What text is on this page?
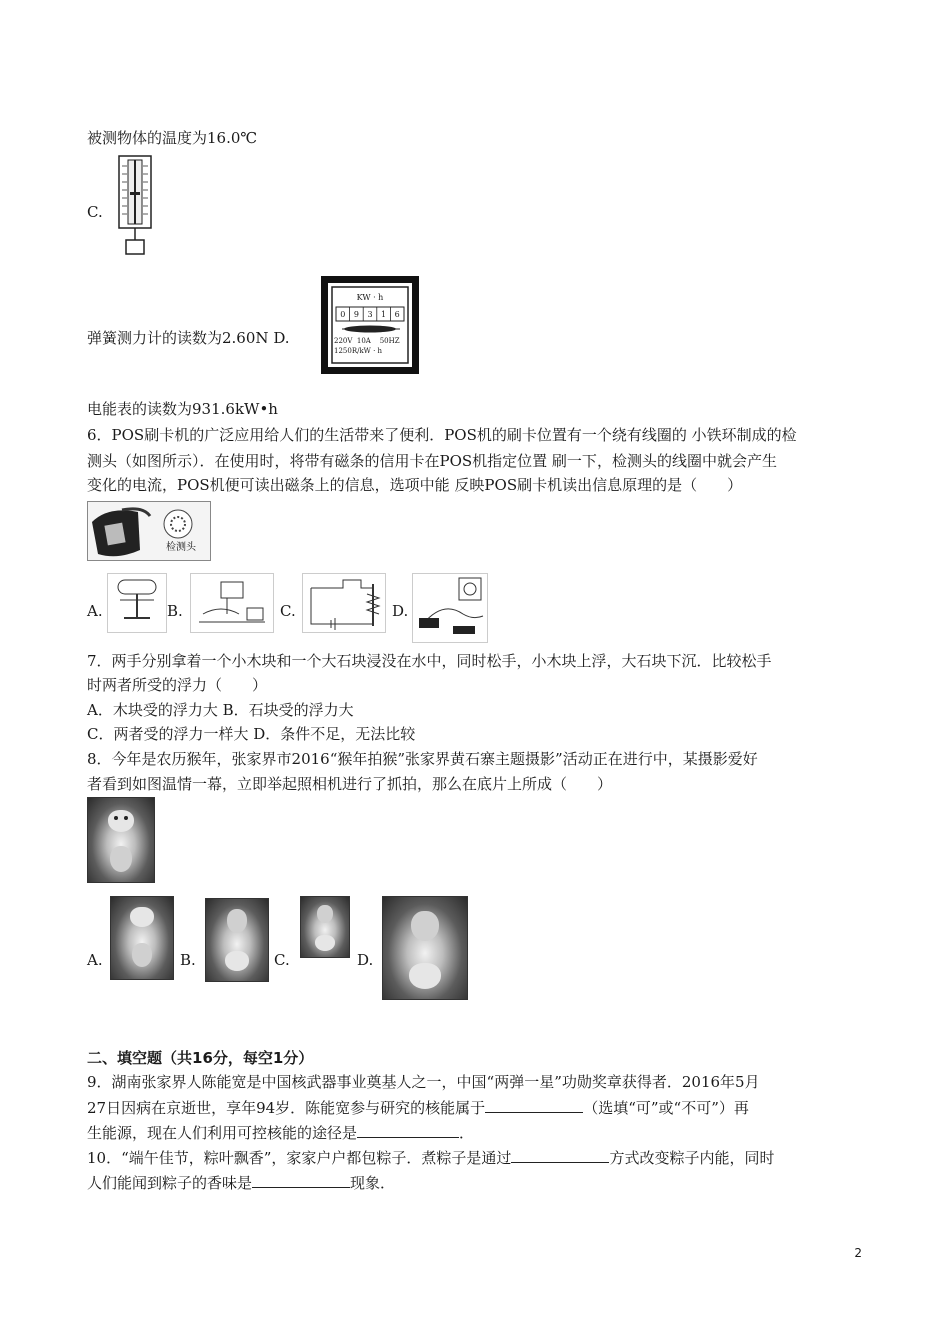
被测物体的温度为16.0℃
C.
KW · h
0	9	3	1	6
220V  10A    50HZ
1250R/kW · h
弹簧测力计的读数为2.60N D.
电能表的读数为931.6kW•h
6．POS刷卡机的广泛应用给人们的生活带来了便利．POS机的刷卡位置有一个绕有线圈的 小铁环制成的检
测头（如图所示）．在使用时，将带有磁条的信用卡在POS机指定位置 刷一下，检测头的线圈中就会产生
变化的电流，POS机便可读出磁条上的信息，选项中能 反映POS刷卡机读出信息原理的是（　　）
检测头
A.	B.	C.	D.
7．两手分别拿着一个小木块和一个大石块浸没在水中，同时松手，小木块上浮，大石块下沉．比较松手
时两者所受的浮力（　　）
A．木块受的浮力大 B．石块受的浮力大
C．两者受的浮力一样大 D．条件不足，无法比较
8．今年是农历猴年，张家界市2016“猴年拍猴”张家界黄石寨主题摄影”活动正在进行中，某摄影爱好
者看到如图温情一幕，立即举起照相机进行了抓拍，那么在底片上所成（　　）
A.	B.	C.	D.
二、填空题（共16分，每空1分）
9．湖南张家界人陈能宽是中国核武器事业奠基人之一，中国“两弹一星”功勋奖章获得者．2016年5月
27日因病在京逝世，享年94岁．陈能宽参与研究的核能属于	（选填“可”或“不可”）再
生能源，现在人们利用可控核能的途径是	．
10．“端午佳节，粽叶飘香”，家家户户都包粽子．煮粽子是通过	方式改变粽子内能，同时
人们能闻到粽子的香味是	现象．
2
